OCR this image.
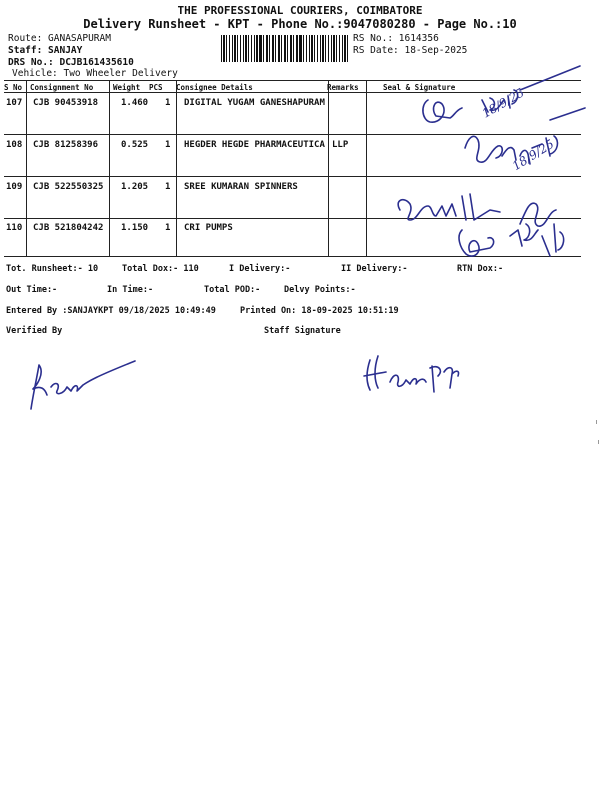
THE PROFESSIONAL COURIERS, COIMBATORE
Delivery Runsheet - KPT - Phone No.:9047080280 - Page No.:10
Route: GANASAPURAM
Staff: SANJAY
DRS No.: DCJB161435610
Vehicle: Two Wheeler Delivery
RS No.: 1614356
RS Date: 18-Sep-2025
S No Consignment No	Weight PCS Consignee Details	Remarks	Seal & Signature
107 CJB 90453918	1.460 1 DIGITAL YUGAM GANESHAPURAM
108 CJB 81258396	0.525 1 HEGDER HEGDE PHARMACEUTICA LLP
109 CJB 522550325 1.205 1 SREE KUMARAN SPINNERS
110 CJB 521804242 1.150 1 CRI PUMPS
18/9/25
18/9/25
Tot. Runsheet:- 10	Total Dox:- 110	I Delivery:-	II Delivery:-	RTN Dox:-
Out Time:-	In Time:-	Total POD:-	Delvy Points:-
Entered By :SANJAYKPT 09/18/2025 10:49:49	Printed On: 18-09-2025 10:51:19
Verified By	Staff Signature
